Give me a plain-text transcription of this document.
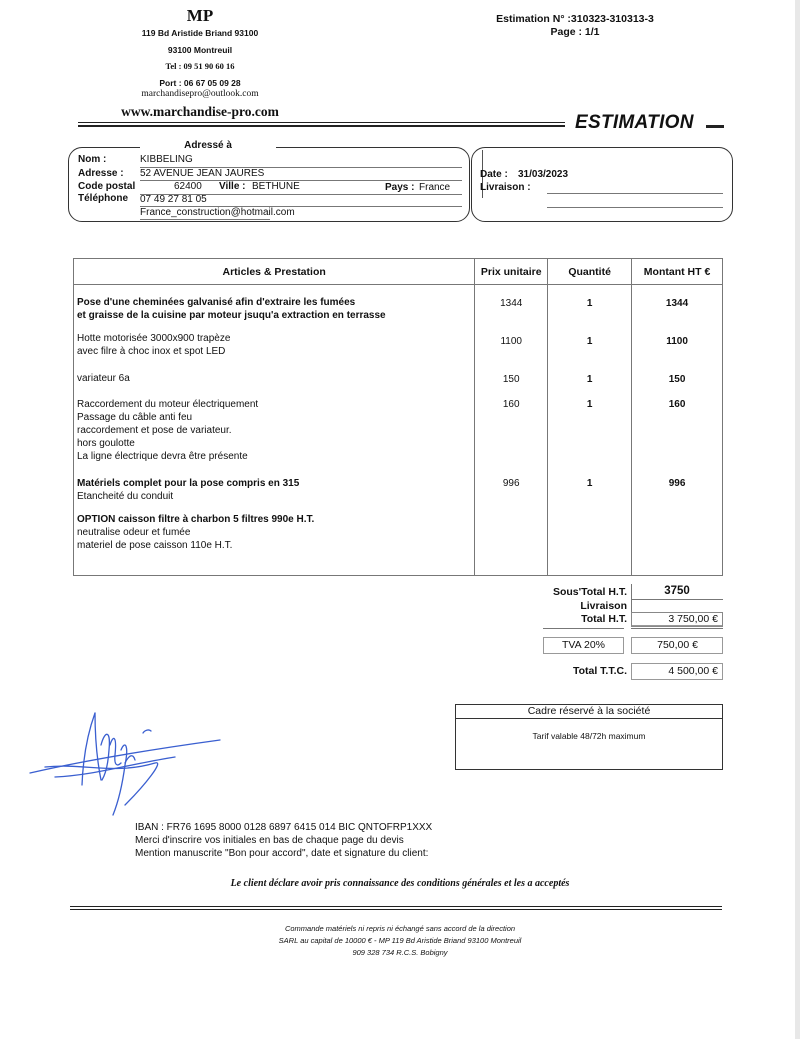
MP
119 Bd Aristide Briand 93100
93100 Montreuil
Tel : 09 51 90 60 16
Port : 06 67 05 09 28
marchandisepro@outlook.com
www.marchandise-pro.com
Estimation N° :310323-310313-3
Page : 1/1
ESTIMATION
Adressé à
Nom :	KIBBELING
Adresse : 52 AVENUE JEAN JAURES
Code postal	62400 Ville : BETHUNE	Pays : France
Téléphone 07 49 27 81 05
France_construction@hotmail.com
Date : 31/03/2023
Livraison :
Articles & Prestation	Prix unitaire	Quantité	Montant HT €

Pose d'une cheminées galvanisé afin d'extraire les fumées
et graisse de la cuisine par moteur jsuqu'a extraction en terrasse	1344	1	1344

Hotte motorisée 3000x900 trapèze
avec filre à choc inox et spot LED	1100	1	1100

variateur 6a	150	1	150

Raccordement du moteur électriquement
Passage du câble anti feu
raccordement et pose de variateur.
hors goulotte
La ligne électrique devra être présente	160	1	160

Matériels complet pour la pose compris en 315
Etancheité du conduit	996	1	996

OPTION caisson filtre à charbon 5 filtres 990e H.T.
neutralise odeur et fumée
materiel de pose caisson 110e H.T.			

Sous'Total H.T.	3750
Livraison
Total H.T.	3 750,00 €
TVA 20%	750,00 €
Total T.T.C.	4 500,00 €
Cadre réservé à la société
Tarif valable 48/72h maximum
IBAN : FR76 1695 8000 0128 6897 6415 014 BIC QNTOFRP1XXX
Merci d'inscrire vos initiales en bas de chaque page du devis
Mention manuscrite "Bon pour accord", date et signature du client:
Le client déclare avoir pris connaissance des conditions générales et les a acceptés
Commande matériels ni repris ni échangé sans accord de la direction
SARL au capital de 10000 € - MP 119 Bd Aristide Briand 93100 Montreuil
909 328 734 R.C.S. Bobigny
